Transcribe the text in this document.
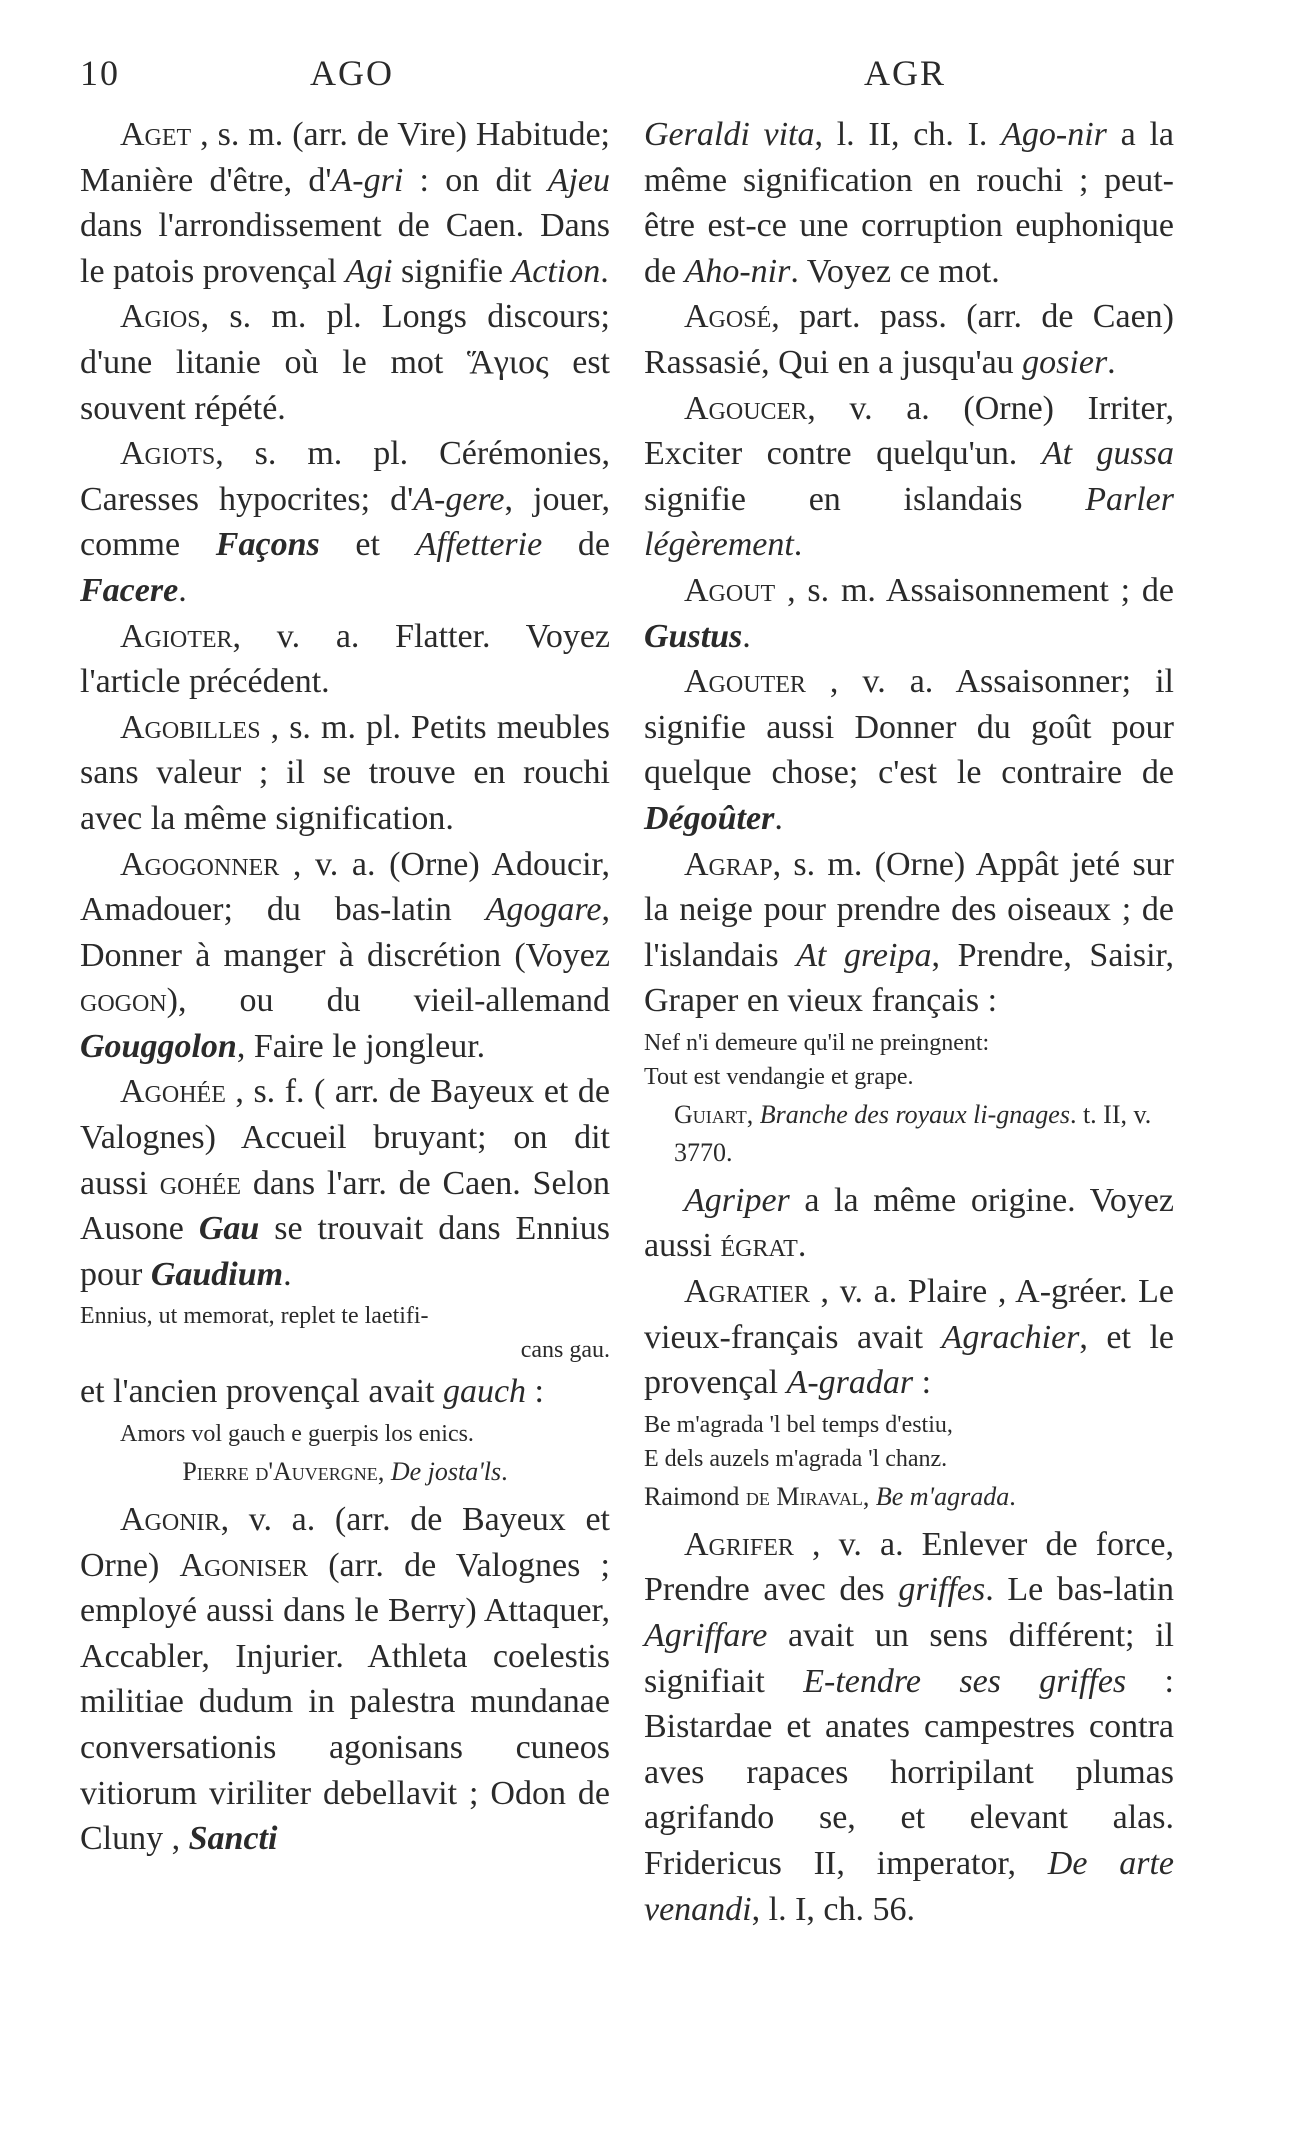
10	AGO	AGR

Aget , s. m. (arr. de Vire) Habitude; Manière d'être, d'A-gri : on dit Ajeu dans l'arrondissement de Caen. Dans le patois provençal Agi signifie Action.

Agios, s. m. pl. Longs discours; d'une litanie où le mot Ἅγιος est souvent répété.

Agiots, s. m. pl. Cérémonies, Caresses hypocrites; d'A-gere, jouer, comme Façons et Affetterie de Facere.

Agioter, v. a. Flatter. Voyez l'article précédent.

Agobilles , s. m. pl. Petits meubles sans valeur ; il se trouve en rouchi avec la même signification.

Agogonner , v. a. (Orne) Adoucir, Amadouer; du bas-latin Agogare, Donner à manger à discrétion (Voyez gogon), ou du vieil-allemand Gouggolon, Faire le jongleur.

Agohée , s. f. ( arr. de Bayeux et de Valognes) Accueil bruyant; on dit aussi gohée dans l'arr. de Caen. Selon Ausone Gau se trouvait dans Ennius pour Gaudium.

Ennius, ut memorat, replet te laetifi-
cans gau.

et l'ancien provençal avait gauch :

Amors vol gauch e guerpis los enics.
Pierre d'Auvergne, De josta'ls.

Agonir, v. a. (arr. de Bayeux et Orne) Agoniser (arr. de Valognes ; employé aussi dans le Berry) Attaquer, Accabler, Injurier. Athleta coelestis militiae dudum in palestra mundanae conversationis agonisans cuneos vitiorum viriliter debellavit ; Odon de Cluny , Sancti

Geraldi vita, l. II, ch. I. Ago-nir a la même signification en rouchi ; peut-être est-ce une corruption euphonique de Aho-nir. Voyez ce mot.

Agosé, part. pass. (arr. de Caen) Rassasié, Qui en a jusqu'au gosier.

Agoucer, v. a. (Orne) Irriter, Exciter contre quelqu'un. At gussa signifie en islandais Parler légèrement.

Agout , s. m. Assaisonnement ; de Gustus.

Agouter , v. a. Assaisonner; il signifie aussi Donner du goût pour quelque chose; c'est le contraire de Dégoûter.

Agrap, s. m. (Orne) Appât jeté sur la neige pour prendre des oiseaux ; de l'islandais At greipa, Prendre, Saisir, Graper en vieux français :

Nef n'i demeure qu'il ne preingnent:
Tout est vendangie et grape.
Guiart, Branche des royaux li-gnages. t. II, v. 3770.

Agriper a la même origine. Voyez aussi égrat.

Agratier , v. a. Plaire , A-gréer. Le vieux-français avait Agrachier, et le provençal A-gradar :

Be m'agrada 'l bel temps d'estiu,
E dels auzels m'agrada 'l chanz.
Raimond de Miraval, Be m'agrada.

Agrifer , v. a. Enlever de force, Prendre avec des griffes. Le bas-latin Agriffare avait un sens différent; il signifiait E-tendre ses griffes : Bistardae et anates campestres contra aves rapaces horripilant plumas agrifando se, et elevant alas. Fridericus II, imperator, De arte venandi, l. I, ch. 56.
